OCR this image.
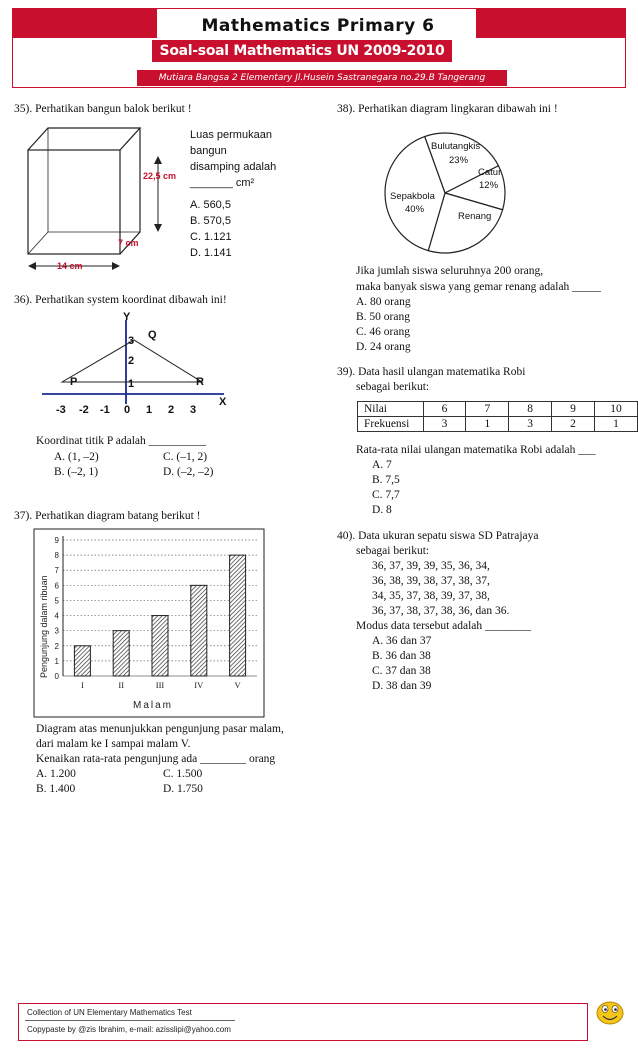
Mathematics Primary 6
Soal-soal Mathematics UN 2009-2010
Mutiara Bangsa 2 Elementary Jl.Husein Sastranegara no.29.B Tangerang
35). Perhatikan bangun balok berikut !
22,5 cm
7 cm
14 cm
Luas permukaan
bangun
disamping adalah
_______ cm²
A. 560,5
B. 570,5
C. 1.121
D. 1.141
36). Perhatikan system koordinat dibawah ini!
Y
X
Q
P	R
3
2
1
-3 -2 -1 0 1 2 3
Koordinat titik P adalah __________
A. (1, –2)
B. (–2, 1)
C. (–1, 2)
D. (–2, –2)
37). Perhatikan diagram batang berikut !
0
1
2
3
4
5
6
7
8
9
I	II	III	IV	V
Pengunjung dalam ribuan
Malam
Diagram atas menunjukkan pengunjung pasar malam,
dari malam ke I sampai malam V.
Kenaikan rata-rata pengunjung ada ________ orang
A. 1.200
B. 1.400
C. 1.500
D. 1.750
38). Perhatikan diagram lingkaran dibawah ini !
Bulutangkis
23%
Catur
12%
Renang
Sepakbola
40%
Jika jumlah siswa seluruhnya 200 orang,
maka banyak siswa yang gemar renang adalah _____
A. 80 orang
B. 50 orang
C. 46 orang
D. 24 orang
39). Data hasil ulangan matematika Robi
sebagai berikut:
Nilai	6	7	8	9	10
Frekuensi	3	1	3	2	1
Rata-rata nilai ulangan matematika Robi adalah ___
A. 7
B. 7,5
C. 7,7
D. 8
40). Data ukuran sepatu siswa SD Patrajaya
sebagai berikut:
36, 37, 39, 39, 35, 36, 34,
36, 38, 39, 38, 37, 38, 37,
34, 35, 37, 38, 39, 37, 38,
36, 37, 38, 37, 38, 36, dan 36.
Modus data tersebut adalah ________
A. 36 dan 37
B. 36 dan 38
C. 37 dan 38
D. 38 dan 39
Collection of UN Elementary Mathematics Test
Copypaste by @zis Ibrahim, e-mail: azisslipi@yahoo.com
